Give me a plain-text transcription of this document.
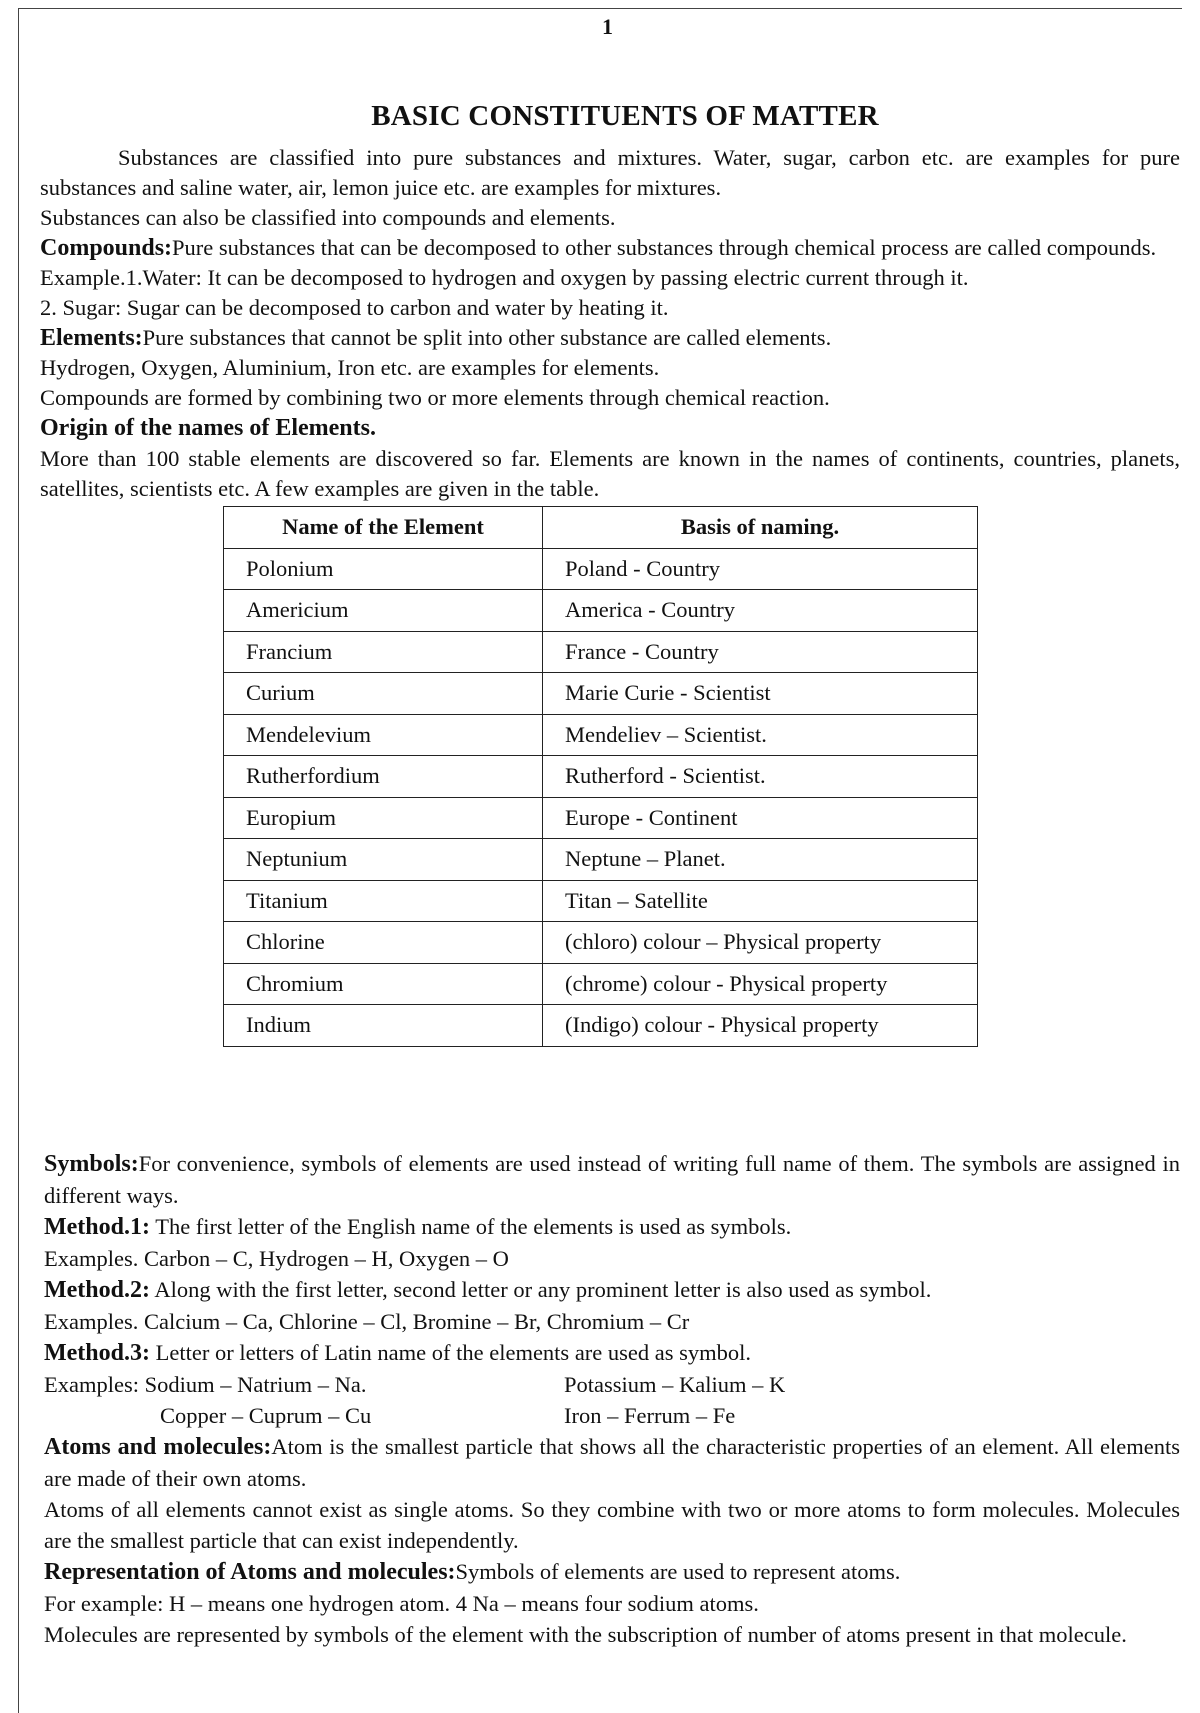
1
BASIC CONSTITUENTS OF MATTER

Substances are classified into pure substances and mixtures. Water, sugar, carbon etc. are examples for pure substances and saline water, air, lemon juice etc. are examples for mixtures.

Substances can also be classified into compounds and elements.

Compounds:Pure substances that can be decomposed to other substances through chemical process are called compounds.

Example.1.Water: It can be decomposed to hydrogen and oxygen by passing electric current through it.

2. Sugar: Sugar can be decomposed to carbon and water by heating it.

Elements:Pure substances that cannot be split into other substance are called elements.

Hydrogen, Oxygen, Aluminium, Iron etc. are examples for elements.

Compounds are formed by combining two or more elements through chemical reaction.

Origin of the names of Elements.

More than 100 stable elements are discovered so far. Elements are known in the names of continents, countries, planets, satellites, scientists etc. A few examples are given in the table.

Name of the Element	Basis of naming.
Polonium	Poland - Country
Americium	America - Country
Francium	France - Country
Curium	Marie Curie - Scientist
Mendelevium	Mendeliev – Scientist.
Rutherfordium	Rutherford - Scientist.
Europium	Europe - Continent
Neptunium	Neptune – Planet.
Titanium	Titan – Satellite
Chlorine	(chloro) colour – Physical property
Chromium	(chrome) colour - Physical property
Indium	(Indigo) colour - Physical property

Symbols:For convenience, symbols of elements are used instead of writing full name of them. The symbols are assigned in different ways.

Method.1: The first letter of the English name of the elements is used as symbols.

Examples. Carbon – C, Hydrogen – H, Oxygen – O

Method.2: Along with the first letter, second letter or any prominent letter is also used as symbol.

Examples. Calcium – Ca, Chlorine – Cl, Bromine – Br, Chromium – Cr

Method.3: Letter or letters of Latin name of the elements are used as symbol.

Examples: Sodium – Natrium – Na.	Potassium – Kalium – K
Copper – Cuprum – Cu	Iron – Ferrum – Fe

Atoms and molecules:Atom is the smallest particle that shows all the characteristic properties of an element. All elements are made of their own atoms.

Atoms of all elements cannot exist as single atoms. So they combine with two or more atoms to form molecules. Molecules are the smallest particle that can exist independently.

Representation of Atoms and molecules:Symbols of elements are used to represent atoms.

For example: H – means one hydrogen atom. 4 Na – means four sodium atoms.

Molecules are represented by symbols of the element with the subscription of number of atoms present in that molecule.
